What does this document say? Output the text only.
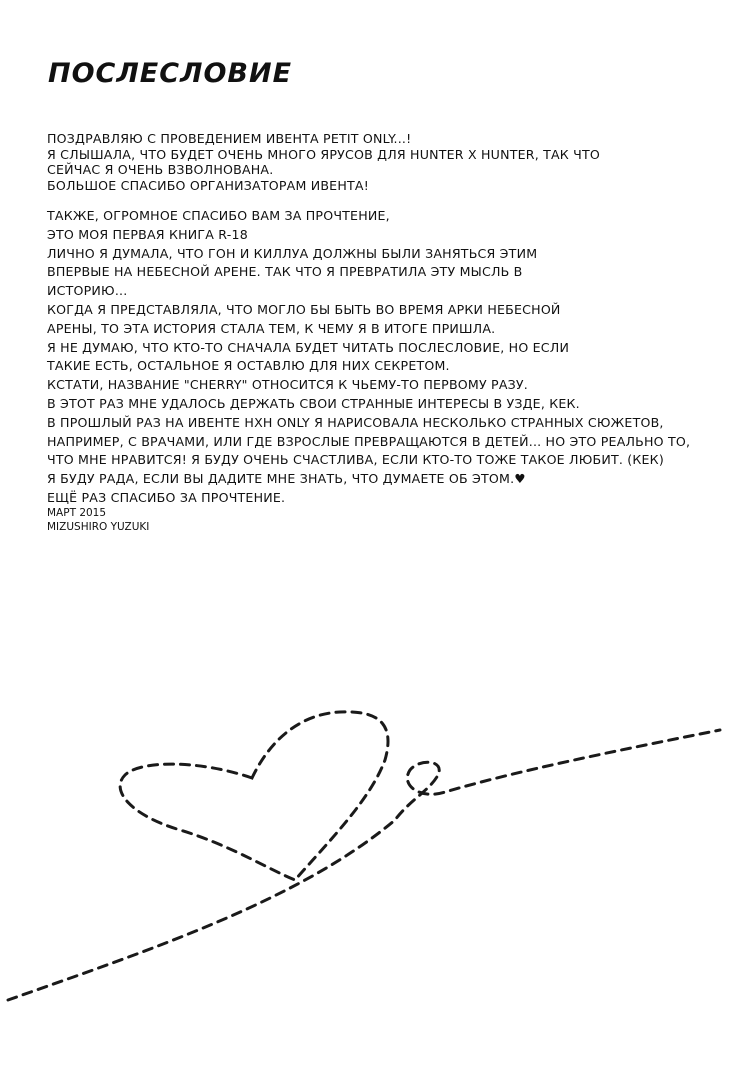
ПОСЛЕСЛОВИЕ
ПОЗДРАВЛЯЮ С ПРОВЕДЕНИЕМ ИВЕНТА PETIT ONLY...!
Я СЛЫШАЛА, ЧТО БУДЕТ ОЧЕНЬ МНОГО ЯРУСОВ ДЛЯ HUNTER X HUNTER, ТАК ЧТО
СЕЙЧАС Я ОЧЕНЬ ВЗВОЛНОВАНА.
БОЛЬШОЕ СПАСИБО ОРГАНИЗАТОРАМ ИВЕНТА!
ТАКЖЕ, ОГРОМНОЕ СПАСИБО ВАМ ЗА ПРОЧТЕНИЕ,
ЭТО МОЯ ПЕРВАЯ КНИГА R-18
ЛИЧНО Я ДУМАЛА, ЧТО ГОН И КИЛЛУА ДОЛЖНЫ БЫЛИ ЗАНЯТЬСЯ ЭТИМ
ВПЕРВЫЕ НА НЕБЕСНОЙ АРЕНЕ. ТАК ЧТО Я ПРЕВРАТИЛА ЭТУ МЫСЛЬ В
ИСТОРИЮ...
КОГДА Я ПРЕДСТАВЛЯЛА, ЧТО МОГЛО БЫ БЫТЬ ВО ВРЕМЯ АРКИ НЕБЕСНОЙ
АРЕНЫ, ТО ЭТА ИСТОРИЯ СТАЛА ТЕМ, К ЧЕМУ Я В ИТОГЕ ПРИШЛА.
Я НЕ ДУМАЮ, ЧТО КТО-ТО СНАЧАЛА БУДЕТ ЧИТАТЬ ПОСЛЕСЛОВИЕ, НО ЕСЛИ
ТАКИЕ ЕСТЬ, ОСТАЛЬНОЕ Я ОСТАВЛЮ ДЛЯ НИХ СЕКРЕТОМ.
КСТАТИ, НАЗВАНИЕ "CHERRY" ОТНОСИТСЯ К ЧЬЕМУ-ТО ПЕРВОМУ РАЗУ.
В ЭТОТ РАЗ МНЕ УДАЛОСЬ ДЕРЖАТЬ СВОИ СТРАННЫЕ ИНТЕРЕСЫ В УЗДЕ, КЕК.
В ПРОШЛЫЙ РАЗ НА ИВЕНТЕ HXH ONLY Я НАРИСОВАЛА НЕСКОЛЬКО СТРАННЫХ СЮЖЕТОВ,
НАПРИМЕР, С ВРАЧАМИ, ИЛИ ГДЕ ВЗРОСЛЫЕ ПРЕВРАЩАЮТСЯ В ДЕТЕЙ... НО ЭТО РЕАЛЬНО ТО,
ЧТО МНЕ НРАВИТСЯ! Я БУДУ ОЧЕНЬ СЧАСТЛИВА, ЕСЛИ КТО-ТО ТОЖЕ ТАКОЕ ЛЮБИТ. (КЕК)
Я БУДУ РАДА, ЕСЛИ ВЫ ДАДИТЕ МНЕ ЗНАТЬ, ЧТО ДУМАЕТЕ ОБ ЭТОМ.♥
ЕЩЁ РАЗ СПАСИБО ЗА ПРОЧТЕНИЕ.
МАРТ 2015
MIZUSHIRO YUZUKI
